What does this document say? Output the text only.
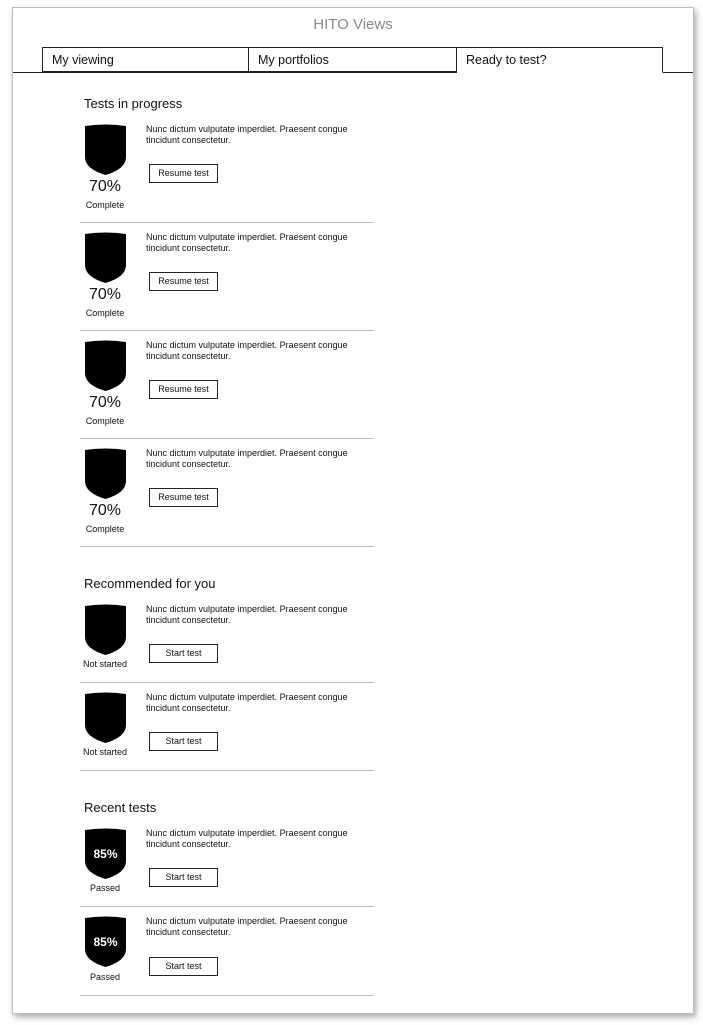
HITO Views
My viewing	My portfolios	Ready to test?
Tests in progress
70%
Complete
Nunc dictum vulputate imperdiet. Praesent congue tincidunt consectetur.
Resume test
70%
Complete
Nunc dictum vulputate imperdiet. Praesent congue tincidunt consectetur.
Resume test
70%
Complete
Nunc dictum vulputate imperdiet. Praesent congue tincidunt consectetur.
Resume test
70%
Complete
Nunc dictum vulputate imperdiet. Praesent congue tincidunt consectetur.
Resume test
Recommended for you
Not started
Nunc dictum vulputate imperdiet. Praesent congue tincidunt consectetur.
Start test
Not started
Nunc dictum vulputate imperdiet. Praesent congue tincidunt consectetur.
Start test
Recent tests
85%
Passed
Nunc dictum vulputate imperdiet. Praesent congue tincidunt consectetur.
Start test
85%
Passed
Nunc dictum vulputate imperdiet. Praesent congue tincidunt consectetur.
Start test
